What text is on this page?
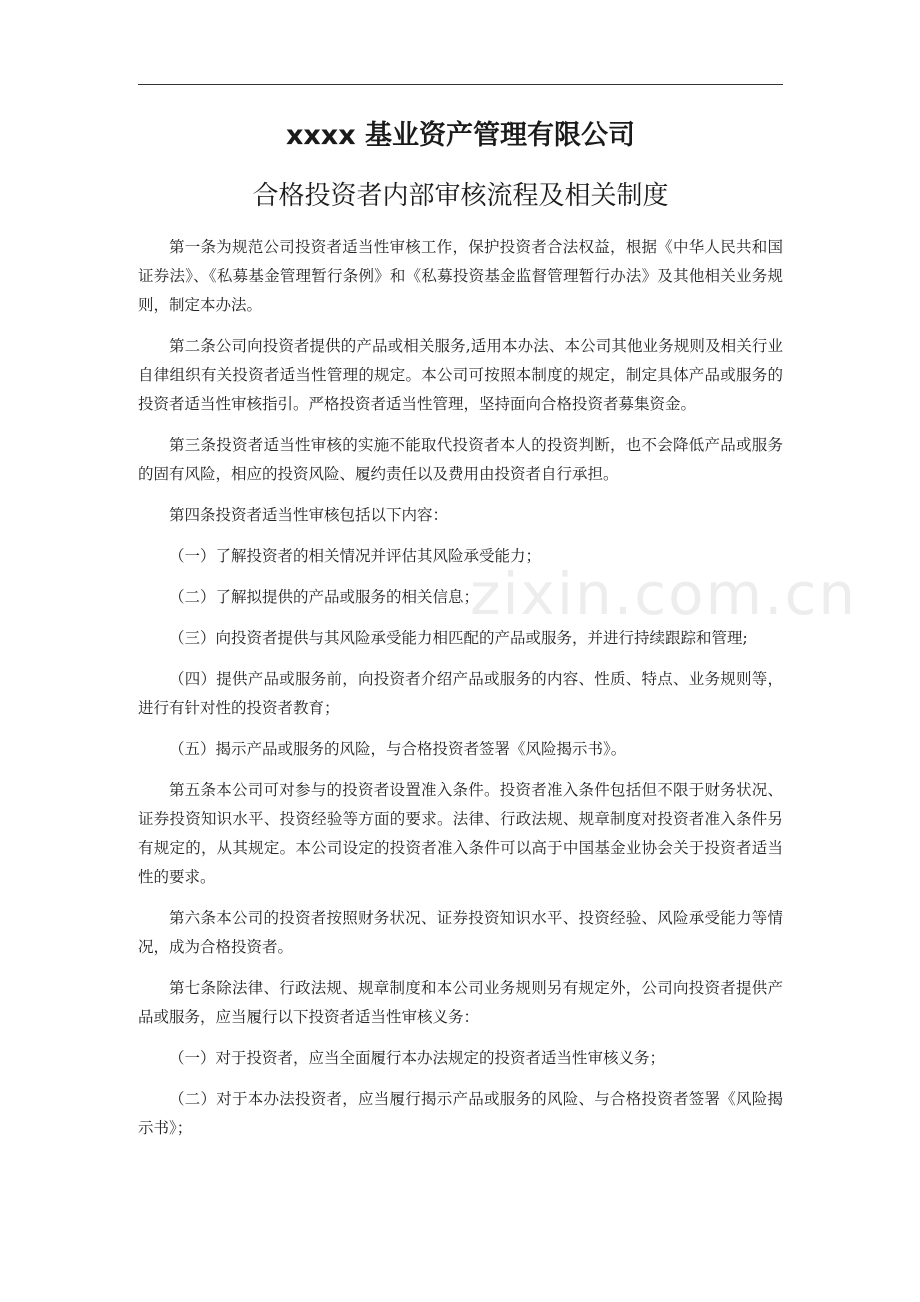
xxxx 基业资产管理有限公司
合格投资者内部审核流程及相关制度

第一条为规范公司投资者适当性审核工作，保护投资者合法权益，根据《中华人民共和国证券法》、《私募基金管理暂行条例》和《私募投资基金监督管理暂行办法》及其他相关业务规则，制定本办法。

第二条公司向投资者提供的产品或相关服务,适用本办法、本公司其他业务规则及相关行业自律组织有关投资者适当性管理的规定。本公司可按照本制度的规定，制定具体产品或服务的投资者适当性审核指引。严格投资者适当性管理，坚持面向合格投资者募集资金。

第三条投资者适当性审核的实施不能取代投资者本人的投资判断，也不会降低产品或服务的固有风险，相应的投资风险、履约责任以及费用由投资者自行承担。

第四条投资者适当性审核包括以下内容：

（一）了解投资者的相关情况并评估其风险承受能力；

（二）了解拟提供的产品或服务的相关信息；

（三）向投资者提供与其风险承受能力相匹配的产品或服务，并进行持续跟踪和管理;

（四）提供产品或服务前，向投资者介绍产品或服务的内容、性质、特点、业务规则等，进行有针对性的投资者教育；

（五）揭示产品或服务的风险，与合格投资者签署《风险揭示书》。

第五条本公司可对参与的投资者设置准入条件。投资者准入条件包括但不限于财务状况、证券投资知识水平、投资经验等方面的要求。法律、行政法规、规章制度对投资者准入条件另有规定的，从其规定。本公司设定的投资者准入条件可以高于中国基金业协会关于投资者适当性的要求。

第六条本公司的投资者按照财务状况、证券投资知识水平、投资经验、风险承受能力等情况，成为合格投资者。

第七条除法律、行政法规、规章制度和本公司业务规则另有规定外，公司向投资者提供产品或服务，应当履行以下投资者适当性审核义务：

（一）对于投资者，应当全面履行本办法规定的投资者适当性审核义务；

（二）对于本办法投资者，应当履行揭示产品或服务的风险、与合格投资者签署《风险揭示书》；

zixin.com.cn
